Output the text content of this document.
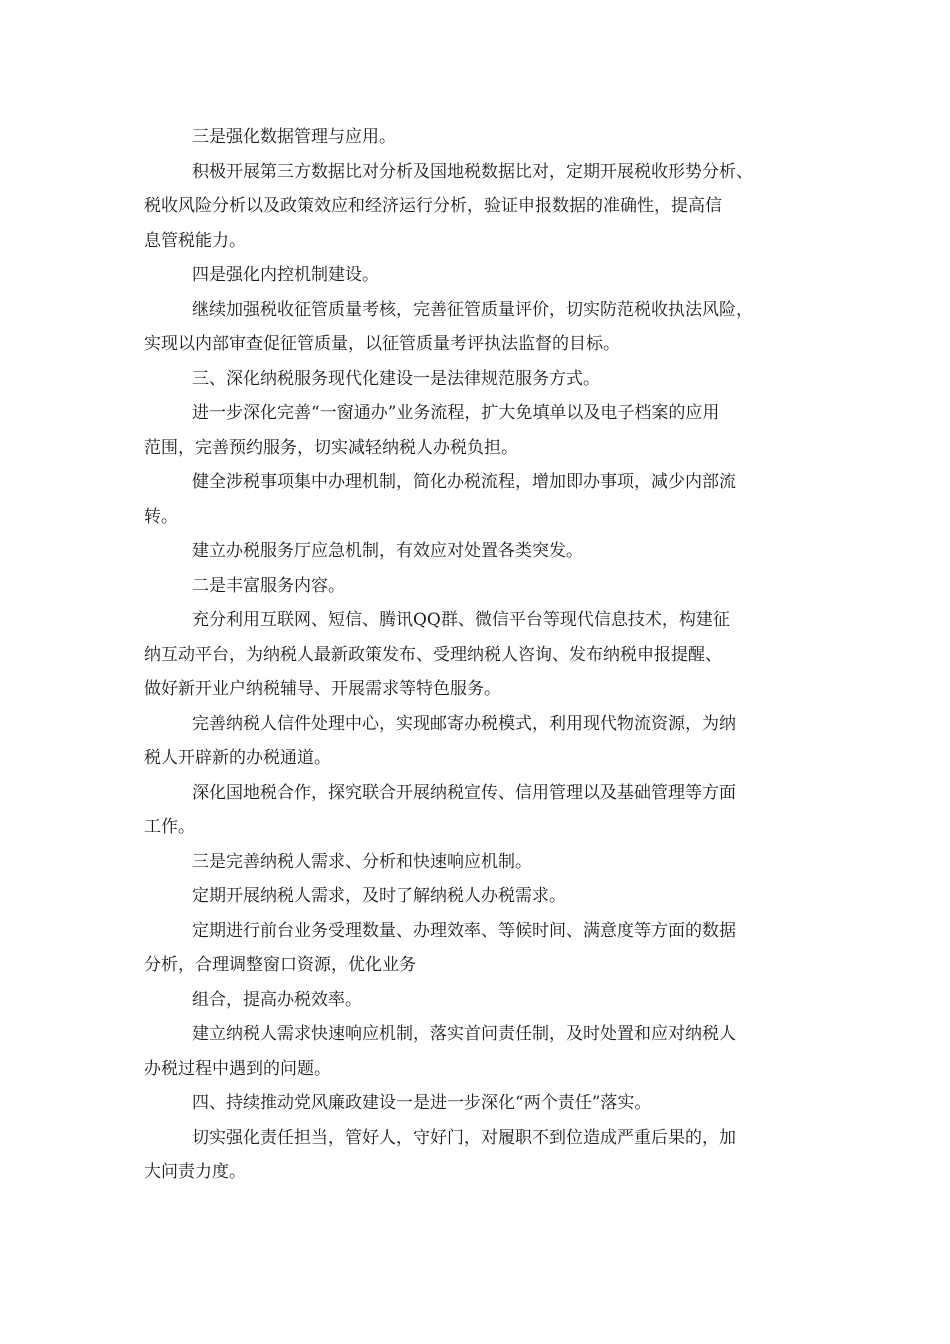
三是强化数据管理与应用。

积极开展第三方数据比对分析及国地税数据比对，定期开展税收形势分析、

税收风险分析以及政策效应和经济运行分析，验证申报数据的准确性，提高信

息管税能力。

四是强化内控机制建设。

继续加强税收征管质量考核，完善征管质量评价，切实防范税收执法风险，

实现以内部审查促征管质量，以征管质量考评执法监督的目标。

三、深化纳税服务现代化建设一是法律规范服务方式。

进一步深化完善“一窗通办”业务流程，扩大免填单以及电子档案的应用

范围，完善预约服务，切实减轻纳税人办税负担。

健全涉税事项集中办理机制，简化办税流程，增加即办事项，减少内部流

转。

建立办税服务厅应急机制，有效应对处置各类突发。

二是丰富服务内容。

充分利用互联网、短信、腾讯QQ群、微信平台等现代信息技术，构建征

纳互动平台，为纳税人最新政策发布、受理纳税人咨询、发布纳税申报提醒、

做好新开业户纳税辅导、开展需求等特色服务。

完善纳税人信件处理中心，实现邮寄办税模式，利用现代物流资源，为纳

税人开辟新的办税通道。

深化国地税合作，探究联合开展纳税宣传、信用管理以及基础管理等方面

工作。

三是完善纳税人需求、分析和快速响应机制。

定期开展纳税人需求，及时了解纳税人办税需求。

定期进行前台业务受理数量、办理效率、等候时间、满意度等方面的数据

分析，合理调整窗口资源，优化业务

组合，提高办税效率。

建立纳税人需求快速响应机制，落实首问责任制，及时处置和应对纳税人

办税过程中遇到的问题。

四、持续推动党风廉政建设一是进一步深化“两个责任”落实。

切实强化责任担当，管好人，守好门，对履职不到位造成严重后果的，加

大问责力度。
